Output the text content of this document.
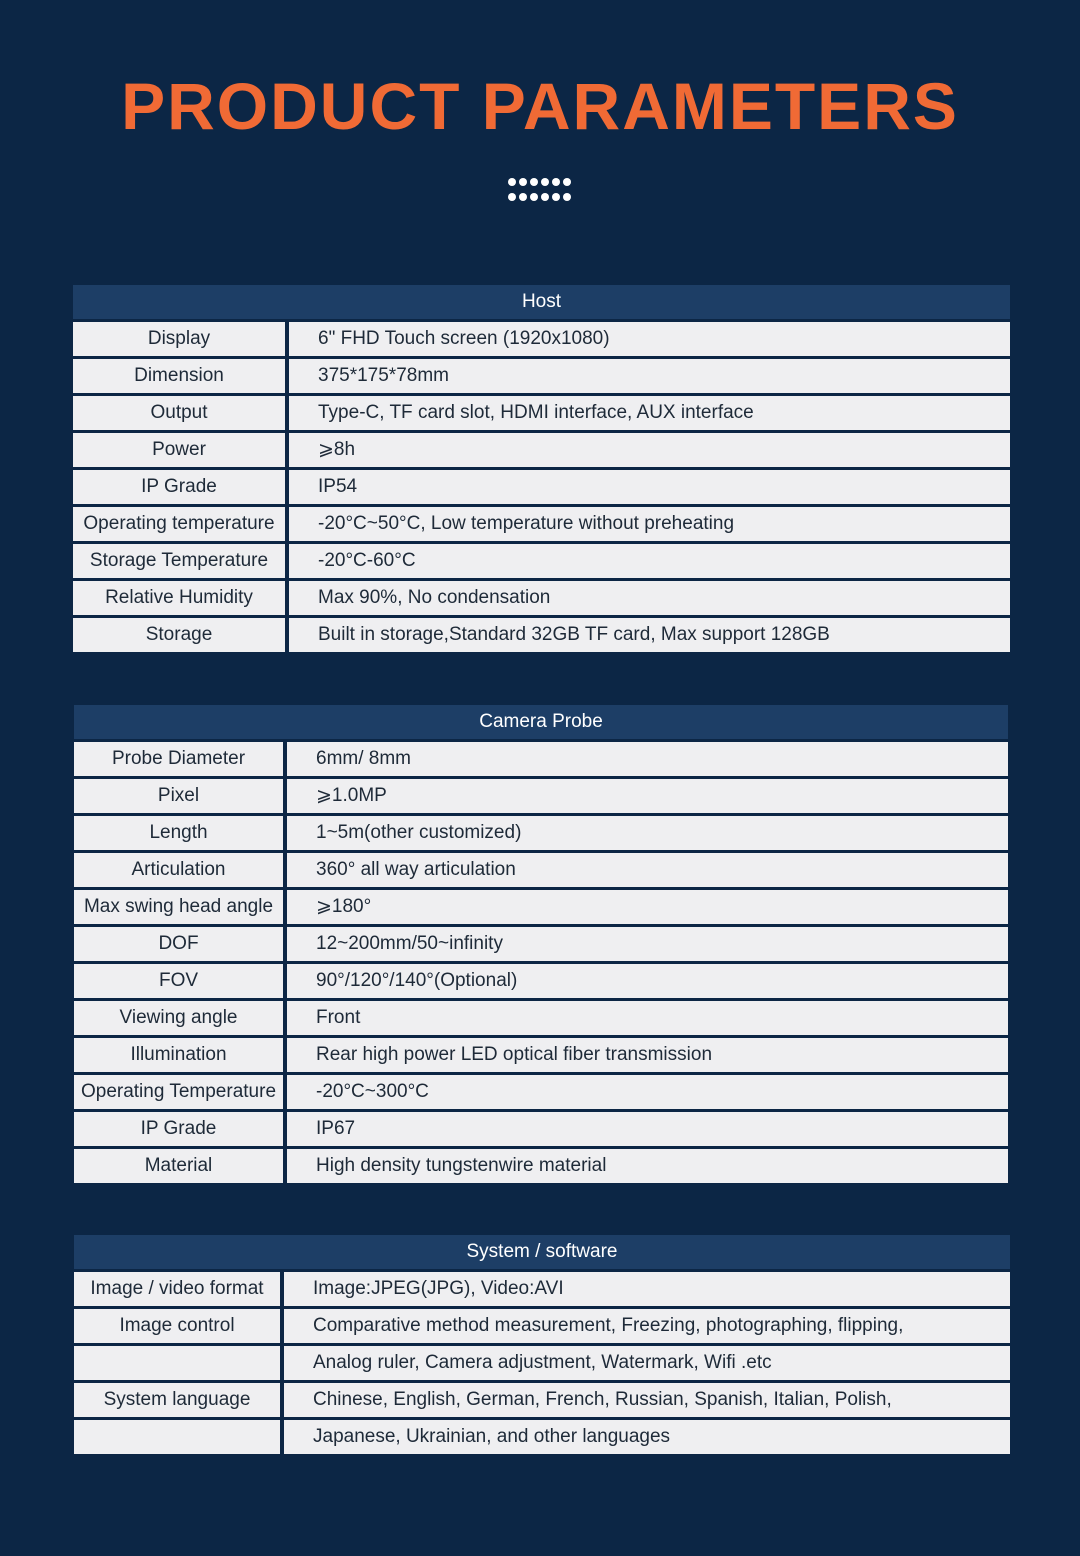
PRODUCT PARAMETERS
Host
Display	6" FHD Touch screen (1920x1080)
Dimension	375*175*78mm
Output	Type-C, TF card slot, HDMI interface, AUX interface
Power	⩾8h
IP Grade	IP54
Operating temperature	-20°C~50°C, Low temperature without preheating
Storage Temperature	-20°C-60°C
Relative Humidity	Max 90%, No condensation
Storage	Built in storage,Standard 32GB TF card, Max support 128GB
Camera Probe
Probe Diameter	6mm/ 8mm
Pixel	⩾1.0MP
Length	1~5m(other customized)
Articulation	360° all way articulation
Max swing head angle	⩾180°
DOF	12~200mm/50~infinity
FOV	90°/120°/140°(Optional)
Viewing angle	Front
Illumination	Rear high power LED optical fiber transmission
Operating Temperature	-20°C~300°C
IP Grade	IP67
Material	High density tungstenwire material
System / software
Image / video format	Image:JPEG(JPG), Video:AVI
Image control	Comparative method measurement, Freezing, photographing, flipping,
Analog ruler, Camera adjustment, Watermark, Wifi .etc
System language	Chinese, English, German, French, Russian, Spanish, Italian, Polish,
Japanese, Ukrainian, and other languages
